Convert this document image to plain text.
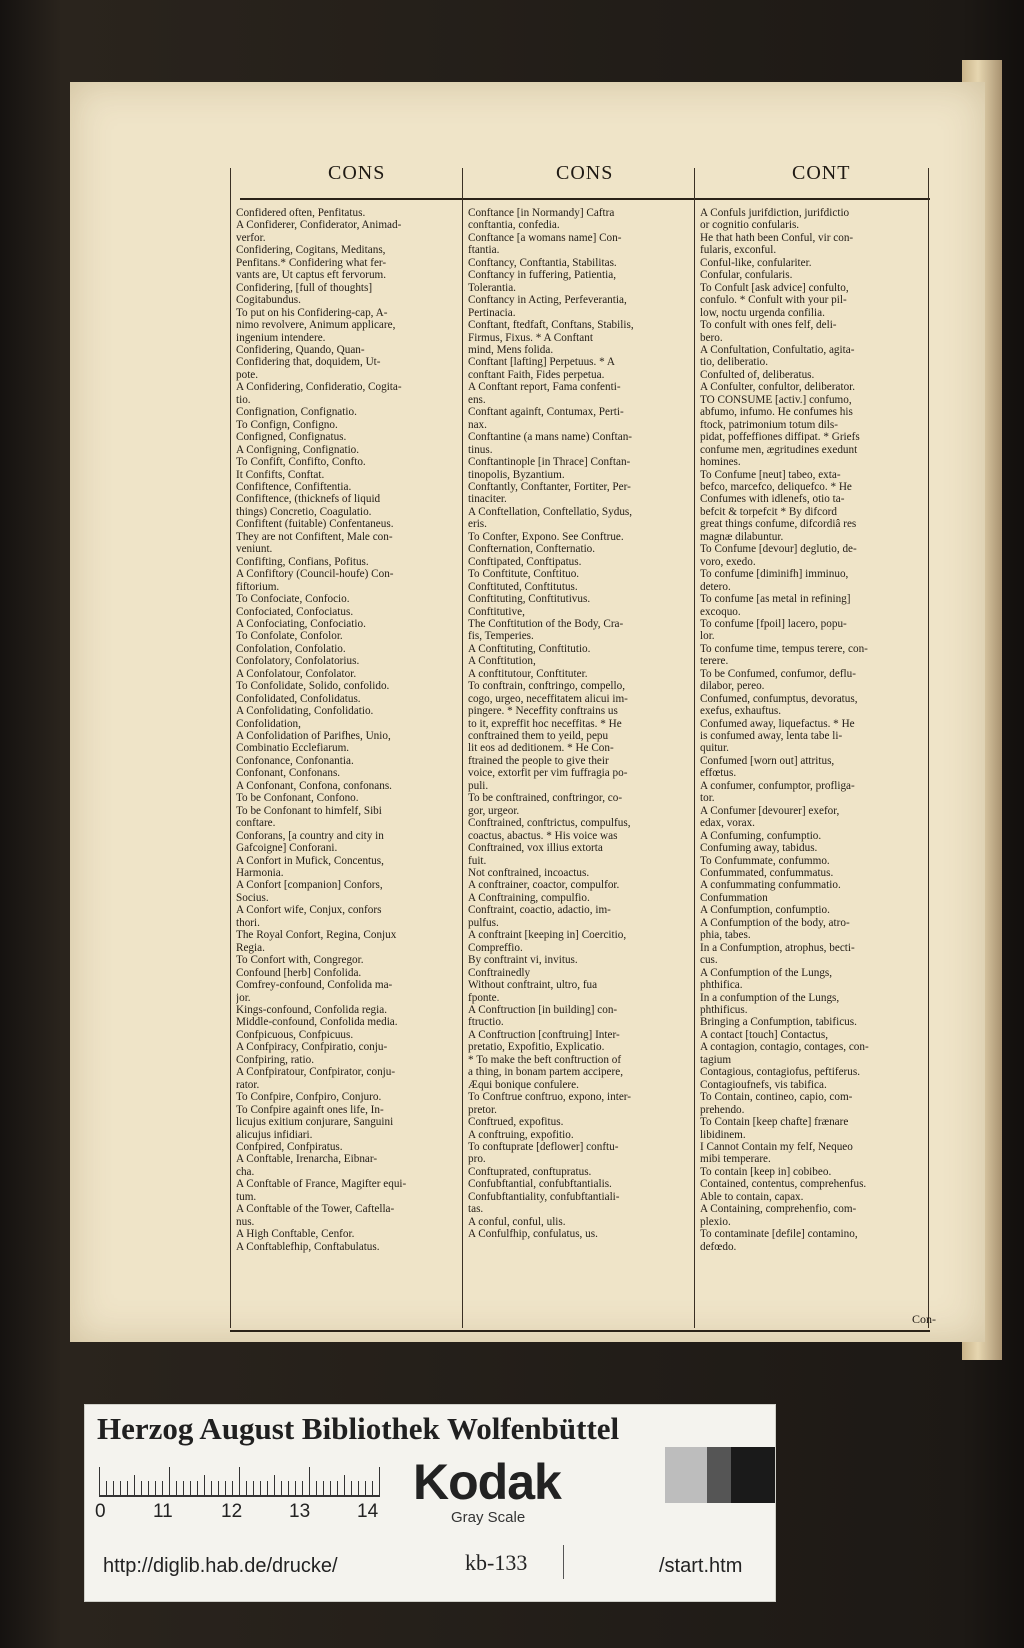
CONS	CONS	CONT
Confidered often, Penfitatus.
A Confiderer, Confiderator, Animad-
verfor.
Confidering, Cogitans, Meditans,
Penfitans.* Confidering what fer-
vants are, Ut captus eft fervorum.
Confidering, [full of thoughts]
Cogitabundus.
To put on his Confidering-cap, A-
nimo revolvere, Animum applicare,
ingenium intendere.
Confidering, Quando, Quan-
Confidering that, doquidem, Ut-
pote.
A Confidering, Confideratio, Cogita-
tio.
Confignation, Confignatio.
To Confign, Configno.
Configned, Confignatus.
A Configning, Confignatio.
To Confift, Confifto, Confto.
It Confifts, Conftat.
Confiftence, Confiftentia.
Confiftence, (thicknefs of liquid
things) Concretio, Coagulatio.
Confiftent (fuitable) Confentaneus.
They are not Confiftent, Male con-
veniunt.
Confifting, Confians, Pofitus.
A Confiftory (Council-houfe) Con-
fiftorium.
To Confociate, Confocio.
Confociated, Confociatus.
A Confociating, Confociatio.
To Confolate, Confolor.
Confolation, Confolatio.
Confolatory, Confolatorius.
A Confolatour, Confolator.
To Confolidate, Solido, confolido.
Confolidated, Confolidatus.
A Confolidating, Confolidatio.
Confolidation,
A Confolidation of Parifhes, Unio,
Combinatio Ecclefiarum.
Confonance, Confonantia.
Confonant, Confonans.
A Confonant, Confona, confonans.
To be Confonant, Confono.
To be Confonant to himfelf, Sibi
conftare.
Conforans, [a country and city in
Gafcoigne] Conforani.
A Confort in Mufick, Concentus,
Harmonia.
A Confort [companion] Confors,
Socius.
A Confort wife, Conjux, confors
thori.
The Royal Confort, Regina, Conjux
Regia.
To Confort with, Congregor.
Confound [herb] Confolida.
Comfrey-confound, Confolida ma-
jor.
Kings-confound, Confolida regia.
Middle-confound, Confolida media.
Confpicuous, Confpicuus.
A Confpiracy, Confpiratio, conju-
Confpiring, ratio.
A Confpiratour, Confpirator, conju-
rator.
To Confpire, Confpiro, Conjuro.
To Confpire againft ones life, In-
licujus exitium conjurare, Sanguini
alicujus infidiari.
Confpired, Confpiratus.
A Conftable, Irenarcha, Eibnar-
cha.
A Conftable of France, Magifter equi-
tum.
A Conftable of the Tower, Caftella-
nus.
A High Conftable, Cenfor.
A Conftablefhip, Conftabulatus.
Conftance [in Normandy] Caftra
conftantia, confedia.
Conftance [a womans name] Con-
ftantia.
Conftancy, Conftantia, Stabilitas.
Conftancy in fuffering, Patientia,
Tolerantia.
Conftancy in Acting, Perfeverantia,
Pertinacia.
Conftant, ftedfaft, Conftans, Stabilis,
Firmus, Fixus. * A Conftant
mind, Mens folida.
Conftant [lafting] Perpetuus. * A
conftant Faith, Fides perpetua.
A Conftant report, Fama confenti-
ens.
Conftant againft, Contumax, Perti-
nax.
Conftantine (a mans name) Conftan-
tinus.
Conftantinople [in Thrace] Conftan-
tinopolis, Byzantium.
Conftantly, Conftanter, Fortiter, Per-
tinaciter.
A Conftellation, Conftellatio, Sydus,
eris.
To Confter, Expono. See Conftrue.
Confternation, Confternatio.
Conftipated, Conftipatus.
To Conftitute, Conftituo.
Conftituted, Conftitutus.
Conftituting, Conftitutivus.
Conftitutive,
The Conftitution of the Body, Cra-
fis, Temperies.
A Conftituting, Conftitutio.
A Conftitution,
A conftitutour, Conftituter.
To conftrain, conftringo, compello,
cogo, urgeo, neceffitatem alicui im-
pingere. * Neceffity conftrains us
to it, expreffit hoc neceffitas. * He
conftrained them to yeild, pepu
lit eos ad deditionem. * He Con-
ftrained the people to give their
voice, extorfit per vim fuffragia po-
puli.
To be conftrained, conftringor, co-
gor, urgeor.
Conftrained, conftrictus, compulfus,
coactus, abactus. * His voice was
Conftrained, vox illius extorta
fuit.
Not conftrained, incoactus.
A conftrainer, coactor, compulfor.
A Conftraining, compulfio.
Conftraint, coactio, adactio, im-
pulfus.
A conftraint [keeping in] Coercitio,
Compreffio.
By conftraint vi, invitus.
Conftrainedly
Without conftraint, ultro, fua
fponte.
A Conftruction [in building] con-
ftructio.
A Conftruction [conftruing] Inter-
pretatio, Expofitio, Explicatio.
* To make the beft conftruction of
a thing, in bonam partem accipere,
Æqui bonique confulere.
To Conftrue conftruo, expono, inter-
pretor.
Conftrued, expofitus.
A conftruing, expofitio.
To conftuprate [deflower] conftu-
pro.
Conftuprated, conftupratus.
Confubftantial, confubftantialis.
Confubftantiality, confubftantiali-
tas.
A conful, conful, ulis.
A Confulfhip, confulatus, us.
A Confuls jurifdiction, jurifdictio
or cognitio confularis.
He that hath been Conful, vir con-
fularis, exconful.
Conful-like, confulariter.
Confular, confularis.
To Confult [ask advice] confulto,
confulo. * Confult with your pil-
low, noctu urgenda confilia.
To confult with ones felf, deli-
bero.
A Confultation, Confultatio, agita-
tio, deliberatio.
Confulted of, deliberatus.
A Confulter, confultor, deliberator.
TO CONSUME [activ.] confumo,
abfumo, infumo. He confumes his
ftock, patrimonium totum dils-
pidat, poffeffiones diffipat. * Griefs
confume men, ægritudines exedunt
homines.
To Confume [neut] tabeo, exta-
befco, marcefco, deliquefco. * He
Confumes with idlenefs, otio ta-
befcit & torpefcit * By difcord
great things confume, difcordiâ res
magnæ dilabuntur.
To Confume [devour] deglutio, de-
voro, exedo.
To confume [diminifh] imminuo,
detero.
To confume [as metal in refining]
excoquo.
To confume [fpoil] lacero, popu-
lor.
To confume time, tempus terere, con-
terere.
To be Confumed, confumor, deflu-
dilabor, pereo.
Confumed, confumptus, devoratus,
exefus, exhauftus.
Confumed away, liquefactus. * He
is confumed away, lenta tabe li-
quitur.
Confumed [worn out] attritus,
effœtus.
A confumer, confumptor, profliga-
tor.
A Confumer [devourer] exefor,
edax, vorax.
A Confuming, confumptio.
Confuming away, tabidus.
To Confummate, confummo.
Confummated, confummatus.
A confummating confummatio.
Confummation
A Confumption, confumptio.
A Confumption of the body, atro-
phia, tabes.
In a Confumption, atrophus, becti-
cus.
A Confumption of the Lungs,
phthifica.
In a confumption of the Lungs,
phthificus.
Bringing a Confumption, tabificus.
A contact [touch] Contactus,
A contagion, contagio, contages, con-
tagium
Contagious, contagiofus, peftiferus.
Contagioufnefs, vis tabifica.
To Contain, contineo, capio, com-
prehendo.
To Contain [keep chafte] frænare
libidinem.
I Cannot Contain my felf, Nequeo
mibi temperare.
To contain [keep in] cobibeo.
Contained, contentus, comprehenfus.
Able to contain, capax.
A Containing, comprehenfio, com-
plexio.
To contaminate [defile] contamino,
defœdo.
Con-
Herzog August Bibliothek Wolfenbüttel
0 11	12 13 14
Kodak
Gray Scale
http://diglib.hab.de/drucke/	kb-133	/start.htm
